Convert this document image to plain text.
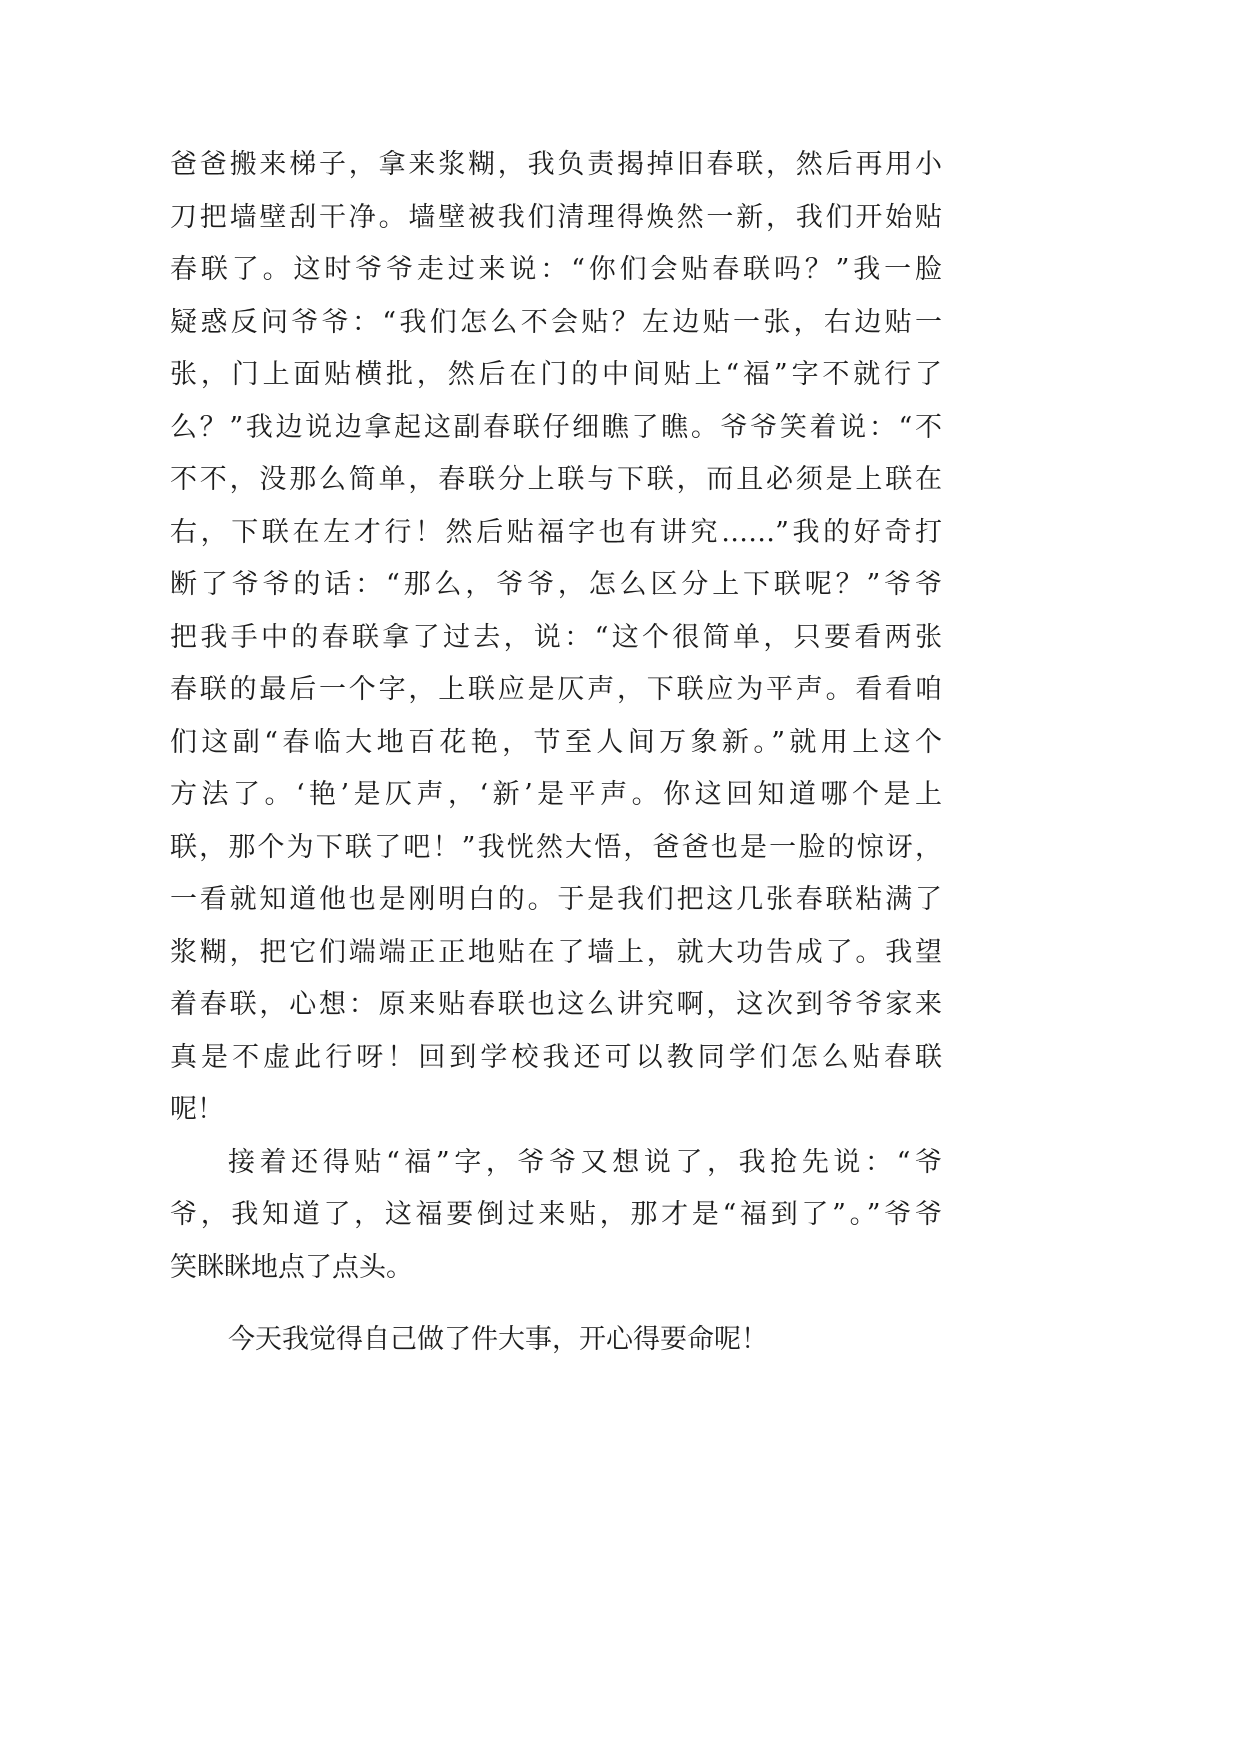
爸爸搬来梯子，拿来浆糊，我负责揭掉旧春联，然后再用小
刀把墙壁刮干净。墙壁被我们清理得焕然一新，我们开始贴
春联了。这时爷爷走过来说：“你们会贴春联吗？”我一脸
疑惑反问爷爷：“我们怎么不会贴？左边贴一张，右边贴一
张，门上面贴横批，然后在门的中间贴上“福”字不就行了
么？”我边说边拿起这副春联仔细瞧了瞧。爷爷笑着说：“不
不不，没那么简单，春联分上联与下联，而且必须是上联在
右，下联在左才行！然后贴福字也有讲究……”我的好奇打
断了爷爷的话：“那么，爷爷，怎么区分上下联呢？”爷爷
把我手中的春联拿了过去，说：“这个很简单，只要看两张
春联的最后一个字，上联应是仄声，下联应为平声。看看咱
们这副“春临大地百花艳，节至人间万象新。”就用上这个
方法了。‘艳’是仄声，‘新’是平声。你这回知道哪个是上
联，那个为下联了吧！”我恍然大悟，爸爸也是一脸的惊讶，
一看就知道他也是刚明白的。于是我们把这几张春联粘满了
浆糊，把它们端端正正地贴在了墙上，就大功告成了。我望
着春联，心想：原来贴春联也这么讲究啊，这次到爷爷家来
真是不虚此行呀！回到学校我还可以教同学们怎么贴春联
呢！
接着还得贴“福”字，爷爷又想说了，我抢先说：“爷
爷，我知道了，这福要倒过来贴，那才是“福到了”。”爷爷
笑眯眯地点了点头。
今天我觉得自己做了件大事，开心得要命呢！
